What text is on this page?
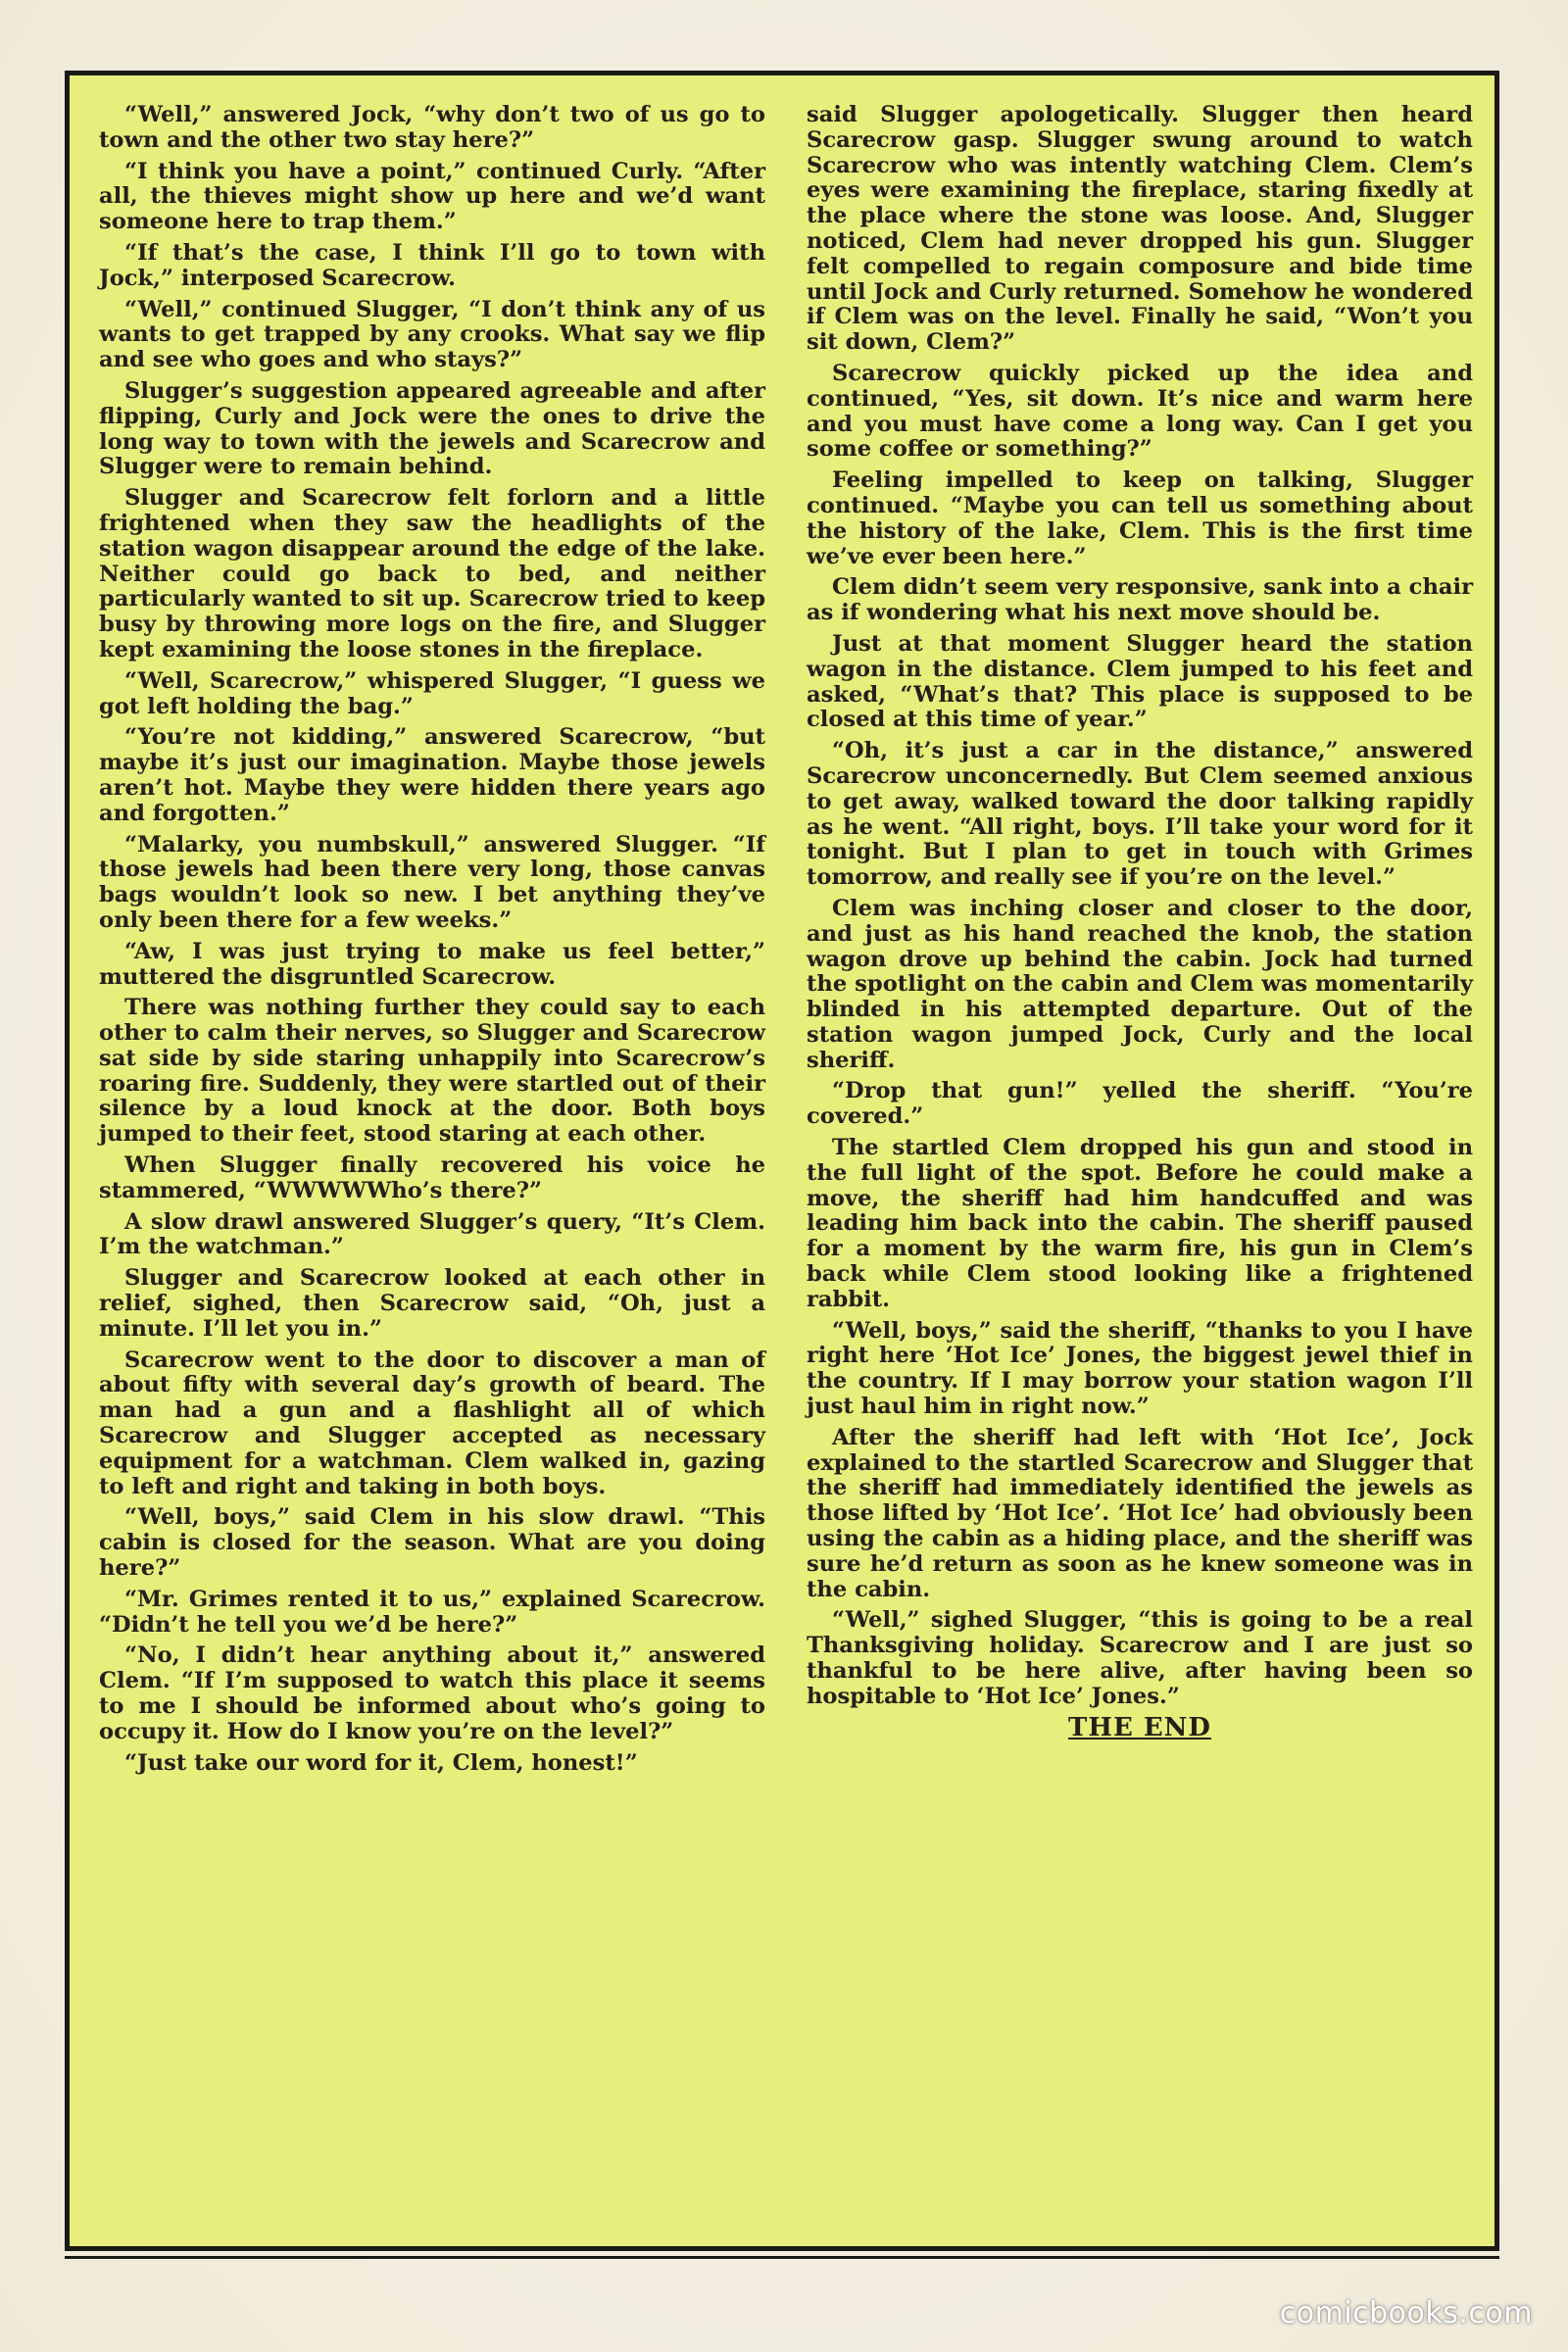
“Well,” answered Jock, “why don’t two of us go to town and the other two stay here?”

“I think you have a point,” continued Curly. “After all, the thieves might show up here and we’d want someone here to trap them.”

“If that’s the case, I think I’ll go to town with Jock,” interposed Scarecrow.

“Well,” continued Slugger, “I don’t think any of us wants to get trapped by any crooks. What say we flip and see who goes and who stays?”

Slugger’s suggestion appeared agreeable and after flipping, Curly and Jock were the ones to drive the long way to town with the jewels and Scarecrow and Slugger were to remain behind.

Slugger and Scarecrow felt forlorn and a little frightened when they saw the headlights of the station wagon disappear around the edge of the lake. Neither could go back to bed, and neither particularly wanted to sit up. Scarecrow tried to keep busy by throwing more logs on the fire, and Slugger kept examining the loose stones in the fireplace.

“Well, Scarecrow,” whispered Slugger, “I guess we got left holding the bag.”

“You’re not kidding,” answered Scarecrow, “but maybe it’s just our imagination. Maybe those jewels aren’t hot. Maybe they were hidden there years ago and forgotten.”

“Malarky, you numbskull,” answered Slugger. “If those jewels had been there very long, those canvas bags wouldn’t look so new. I bet anything they’ve only been there for a few weeks.”

“Aw, I was just trying to make us feel better,” muttered the disgruntled Scarecrow.

There was nothing further they could say to each other to calm their nerves, so Slugger and Scarecrow sat side by side staring unhappily into Scarecrow’s roaring fire. Suddenly, they were startled out of their silence by a loud knock at the door. Both boys jumped to their feet, stood staring at each other.

When Slugger finally recovered his voice he stammered, “WWWWWho’s there?”

A slow drawl answered Slugger’s query, “It’s Clem. I’m the watchman.”

Slugger and Scarecrow looked at each other in relief, sighed, then Scarecrow said, “Oh, just a minute. I’ll let you in.”

Scarecrow went to the door to discover a man of about fifty with several day’s growth of beard. The man had a gun and a flashlight all of which Scarecrow and Slugger accepted as necessary equipment for a watchman. Clem walked in, gazing to left and right and taking in both boys.

“Well, boys,” said Clem in his slow drawl. “This cabin is closed for the season. What are you doing here?”

“Mr. Grimes rented it to us,” explained Scarecrow. “Didn’t he tell you we’d be here?”

“No, I didn’t hear anything about it,” answered Clem. “If I’m supposed to watch this place it seems to me I should be informed about who’s going to occupy it. How do I know you’re on the level?”

“Just take our word for it, Clem, honest!”

said Slugger apologetically. Slugger then heard Scarecrow gasp. Slugger swung around to watch Scarecrow who was intently watching Clem. Clem’s eyes were examining the fireplace, staring fixedly at the place where the stone was loose. And, Slugger noticed, Clem had never dropped his gun. Slugger felt compelled to regain composure and bide time until Jock and Curly returned. Somehow he wondered if Clem was on the level. Finally he said, “Won’t you sit down, Clem?”

Scarecrow quickly picked up the idea and continued, “Yes, sit down. It’s nice and warm here and you must have come a long way. Can I get you some coffee or something?”

Feeling impelled to keep on talking, Slugger continued. “Maybe you can tell us something about the history of the lake, Clem. This is the first time we’ve ever been here.”

Clem didn’t seem very responsive, sank into a chair as if wondering what his next move should be.

Just at that moment Slugger heard the station wagon in the distance. Clem jumped to his feet and asked, “What’s that? This place is supposed to be closed at this time of year.”

“Oh, it’s just a car in the distance,” answered Scarecrow unconcernedly. But Clem seemed anxious to get away, walked toward the door talking rapidly as he went. “All right, boys. I’ll take your word for it tonight. But I plan to get in touch with Grimes tomorrow, and really see if you’re on the level.”

Clem was inching closer and closer to the door, and just as his hand reached the knob, the station wagon drove up behind the cabin. Jock had turned the spotlight on the cabin and Clem was momentarily blinded in his attempted departure. Out of the station wagon jumped Jock, Curly and the local sheriff.

“Drop that gun!” yelled the sheriff. “You’re covered.”

The startled Clem dropped his gun and stood in the full light of the spot. Before he could make a move, the sheriff had him handcuffed and was leading him back into the cabin. The sheriff paused for a moment by the warm fire, his gun in Clem’s back while Clem stood looking like a frightened rabbit.

“Well, boys,” said the sheriff, “thanks to you I have right here ‘Hot Ice’ Jones, the biggest jewel thief in the country. If I may borrow your station wagon I’ll just haul him in right now.”

After the sheriff had left with ‘Hot Ice’, Jock explained to the startled Scarecrow and Slugger that the sheriff had immediately identified the jewels as those lifted by ‘Hot Ice’. ‘Hot Ice’ had obviously been using the cabin as a hiding place, and the sheriff was sure he’d return as soon as he knew someone was in the cabin.

“Well,” sighed Slugger, “this is going to be a real Thanksgiving holiday. Scarecrow and I are just so thankful to be here alive, after having been so hospitable to ‘Hot Ice’ Jones.”

THE END

comicbooks.com
